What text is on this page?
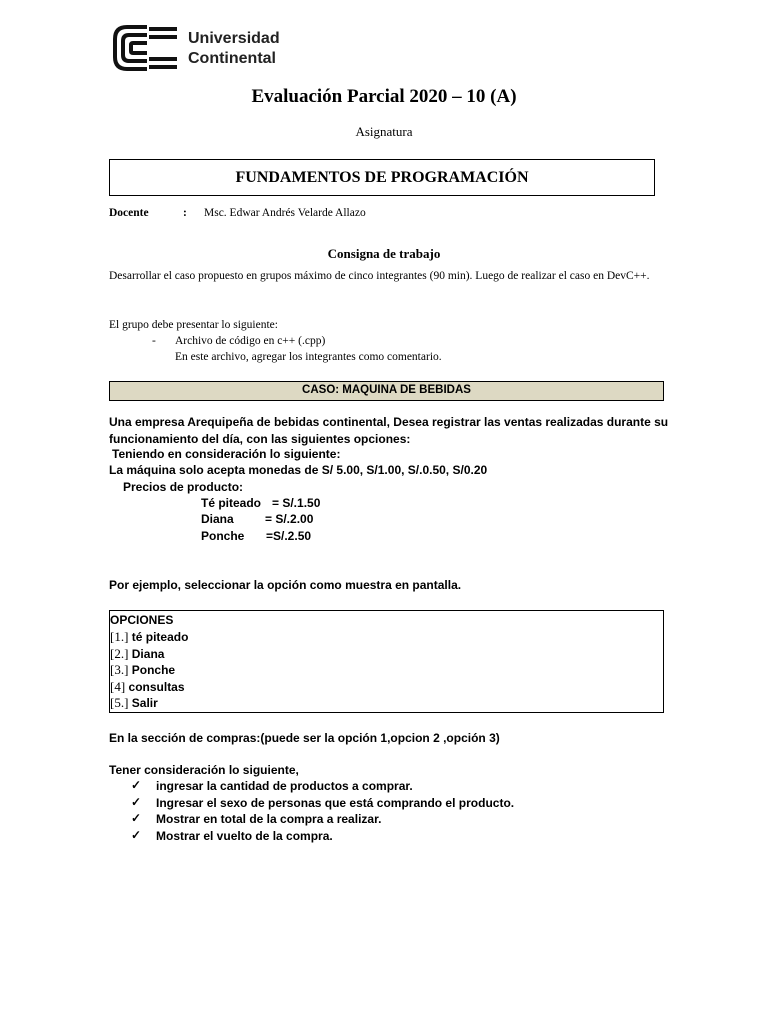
Universidad
Continental
Evaluación Parcial 2020 – 10 (A)
Asignatura
FUNDAMENTOS DE PROGRAMACIÓN
Docente	: Msc. Edwar Andrés Velarde Allazo
Consigna de trabajo
Desarrollar el caso propuesto en grupos máximo de cinco integrantes (90 min). Luego de realizar el caso en DevC++.
El grupo debe presentar lo siguiente:
- Archivo de código en c++ (.cpp)
En este archivo, agregar los integrantes como comentario.
CASO: MAQUINA DE BEBIDAS
Una empresa Arequipeña de bebidas continental, Desea registrar las ventas realizadas durante su funcionamiento del día, con las siguientes opciones:
Teniendo en consideración lo siguiente:
La máquina solo acepta monedas de S/ 5.00, S/1.00, S/.0.50, S/0.20
Precios de producto:
Té piteado = S/.1.50
Diana	= S/.2.00
Ponche =S/.2.50
Por ejemplo, seleccionar la opción como muestra en pantalla.
OPCIONES
[1.] té piteado
[2.] Diana
[3.] Ponche
[4] consultas
[5.] Salir
En la sección de compras:(puede ser la opción 1,opcion 2 ,opción 3)
Tener consideración lo siguiente,
✓ ingresar la cantidad de productos a comprar.
✓ Ingresar el sexo de personas que está comprando el producto.
✓ Mostrar en total de la compra a realizar.
✓ Mostrar el vuelto de la compra.
